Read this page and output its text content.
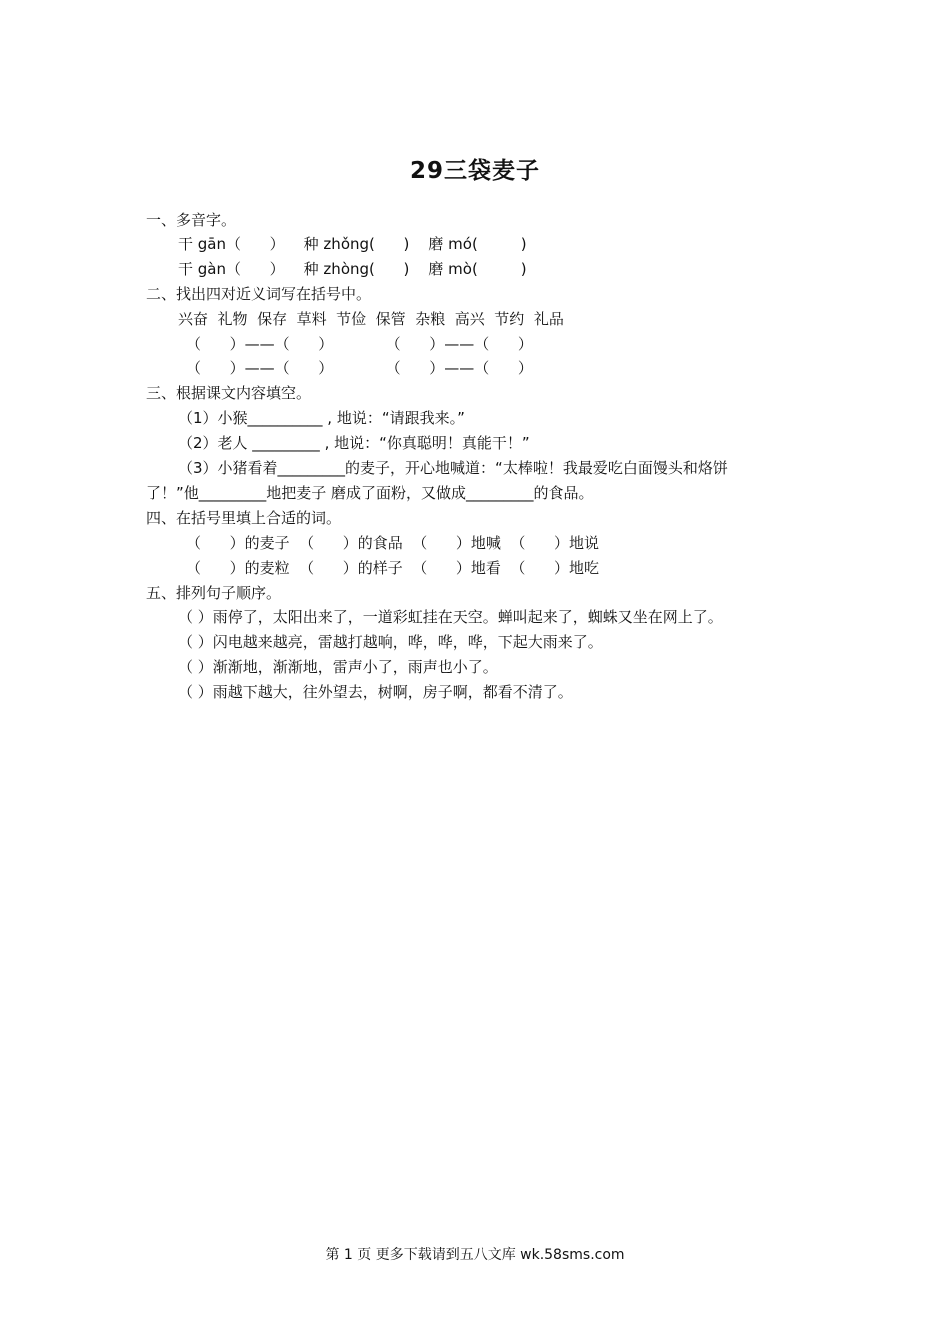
29三袋麦子
一、多音字。
干 gān（      ）    种 zhǒng(      )    磨 mó(         )
干 gàn（      ）    种 zhòng(      )    磨 mò(         )
二、找出四对近义词写在括号中。
兴奋  礼物  保存  草料  节俭  保管  杂粮  高兴  节约  礼品
（      ）——（      ）           （      ）——（      ）
（      ）——（      ）           （      ）——（      ）
三、根据课文内容填空。
（1）小猴__________ , 地说：“请跟我来。”
（2）老人 _________ , 地说：“你真聪明！真能干！”
（3）小猪看着_________的麦子，开心地喊道：“太棒啦！我最爱吃白面馒头和烙饼
了！”他_________地把麦子 磨成了面粉，又做成_________的食品。
四、在括号里填上合适的词。
（      ）的麦子  （      ）的食品  （      ）地喊  （      ）地说
（      ）的麦粒  （      ）的样子  （      ）地看  （      ）地吃
五、排列句子顺序。
（ ）雨停了，太阳出来了，一道彩虹挂在天空。蝉叫起来了，蜘蛛又坐在网上了。
（ ）闪电越来越亮，雷越打越响，哗，哗，哗，下起大雨来了。
（ ）渐渐地，渐渐地，雷声小了，雨声也小了。
（ ）雨越下越大，往外望去，树啊，房子啊，都看不清了。
第 1 页 更多下载请到五八文库 wk.58sms.com
